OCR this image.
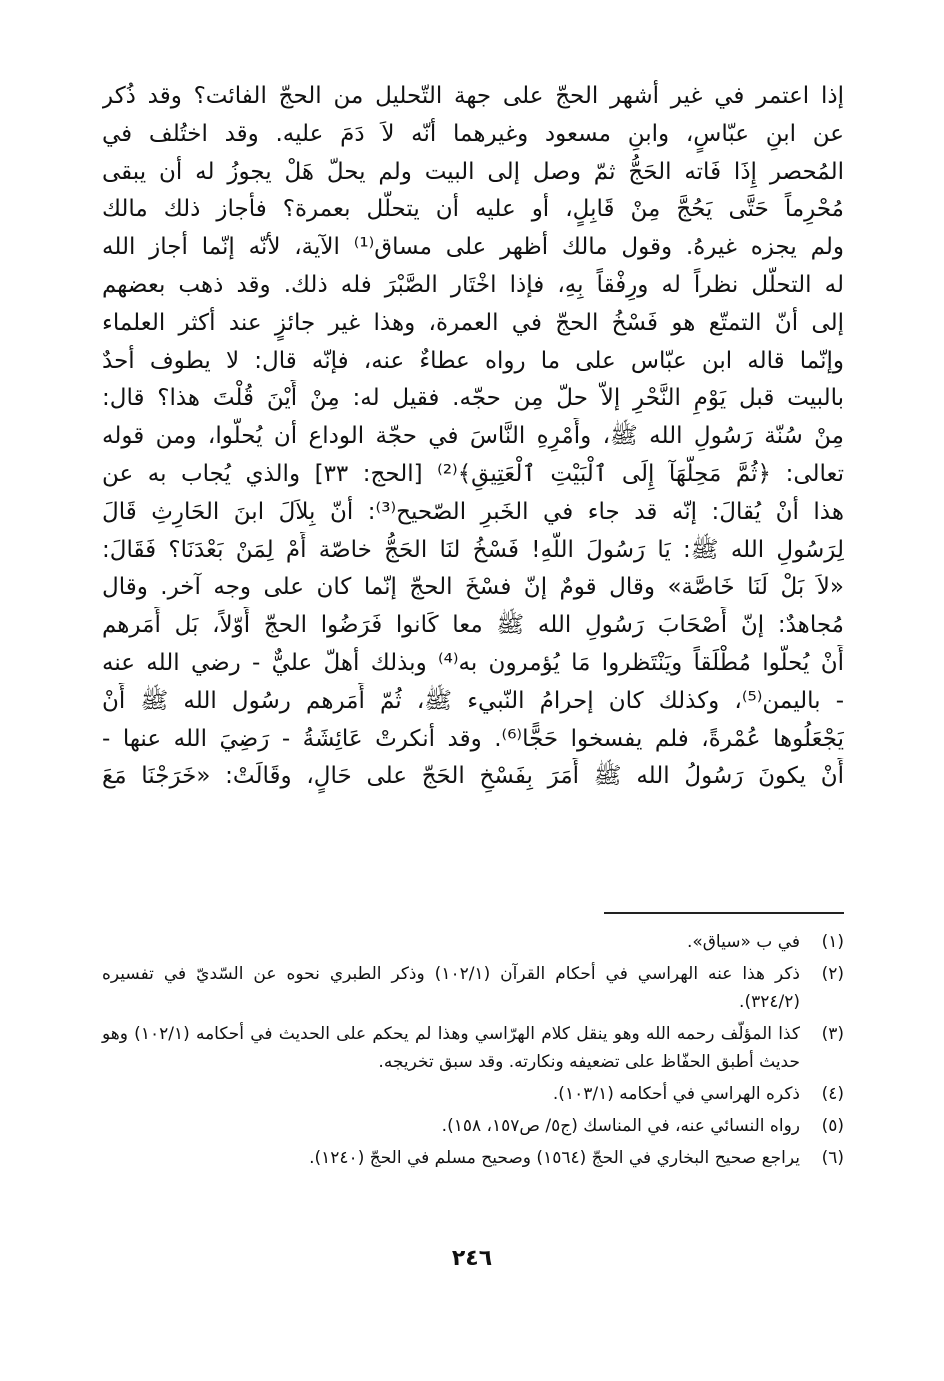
إذا اعتمر في غير أشهر الحجّ على جهة التّحليل من الحجّ الفائت؟ وقد ذُكر
عن ابنِ عبّاسٍ، وابنِ مسعود وغيرهما أنّه لاَ دَمَ عليه. وقد اختُلف في
المُحصر إِذَا فَاته الحَجُّ ثمّ وصل إلى البيت ولم يحلّ هَلْ يجوزُ له أن يبقى
مُحْرِماً حَتَّى يَحُجَّ مِنْ قَابِلٍ، أو عليه أن يتحلّل بعمرة؟ فأجاز ذلك مالك
ولم يجزه غيرهُ. وقول مالك أظهر على مساق⁽¹⁾ الآية، لأنّه إنّما أجاز الله
له التحلّل نظراً له ورِفْقاً بِهِ، فإذا اخْتَار الصَّبْرَ فله ذلك. وقد ذهب بعضهم
إلى أنّ التمتّع هو فَسْخُ الحجّ في العمرة، وهذا غير جائزٍ عند أكثر العلماء
وإنّما قاله ابن عبّاس على ما رواه عطاءٌ عنه، فإنّه قال: لا يطوف أحدٌ
بالبيت قبل يَوْمِ النَّحْرِ إلاّ حلّ مِن حجّه. فقيل له: مِنْ أَيْنَ قُلْتَ هذا؟ قال:
مِنْ سُنّة رَسُولِ الله ﷺ، وأَمْرِهِ النَّاسَ في حجّة الوداع أن يُحلّوا، ومن قوله
تعالى: ﴿ثُمَّ مَحِلُّهَآ إِلَى ٱلْبَيْتِ ٱلْعَتِيقِ﴾⁽²⁾ [الحج: ٣٣] والذي يُجاب به عن
هذا أنْ يُقالَ: إنّه قد جاء في الخَبرِ الصّحيح⁽³⁾: أنّ بِلاَلَ ابنَ الحَارِثِ قَالَ
لِرَسُولِ الله ﷺ: يَا رَسُولَ اللَّهِ! فَسْخُ لنَا الحَجُّ خاصّة أَمْ لِمَنْ بَعْدَنَا؟ فَقَالَ:
«لاَ بَلْ لَنَا خَاصَّة» وقال قومٌ إنّ فسْخَ الحجّ إنّما كان على وجه آخر. وقال
مُجاهدٌ: إنّ أَصْحَابَ رَسُولِ الله ﷺ معا كَانوا فَرَضُوا الحجّ أَوّلاً، بَل أَمَرهم
أَنْ يُحلّوا مُطْلَقاً ويَنْتَظروا مَا يُؤمرون به⁽⁴⁾ وبذلك أهلّ عليٌّ - رضي الله عنه
- باليمن⁽⁵⁾، وكذلك كان إحرامُ النّبيء ﷺ، ثُمّ أَمَرهم رسُول الله ﷺ أَنْ
يَجْعَلُوها عُمْرةً، فلم يفسخوا حَجًّا⁽⁶⁾. وقد أنكرتْ عَائِشَةُ - رَضِيَ الله عنها -
أَنْ يكونَ رَسُولُ الله ﷺ أَمَرَ بِفَسْخِ الحَجّ على حَالٍ، وقَالَتْ: «خَرَجْنَا مَعَ
(١)
في ب «سياق».
(٢)
ذكر هذا عنه الهراسي في أحكام القرآن (١٠٢/١) وذكر الطبري نحوه عن السّديّ في تفسيره (٣٢٤/٢).
(٣)
كذا المؤلّف رحمه الله وهو ينقل كلام الهرّاسي وهذا لم يحكم على الحديث في أحكامه (١٠٢/١) وهو حديث أطبق الحفّاظ على تضعيفه ونكارته. وقد سبق تخريجه.
(٤)
ذكره الهراسي في أحكامه (١٠٣/١).
(٥)
رواه النسائي عنه، في المناسك (ج٥/ ص١٥٧، ١٥٨).
(٦)
يراجع صحيح البخاري في الحجّ (١٥٦٤) وصحيح مسلم في الحجّ (١٢٤٠).
٢٤٦
